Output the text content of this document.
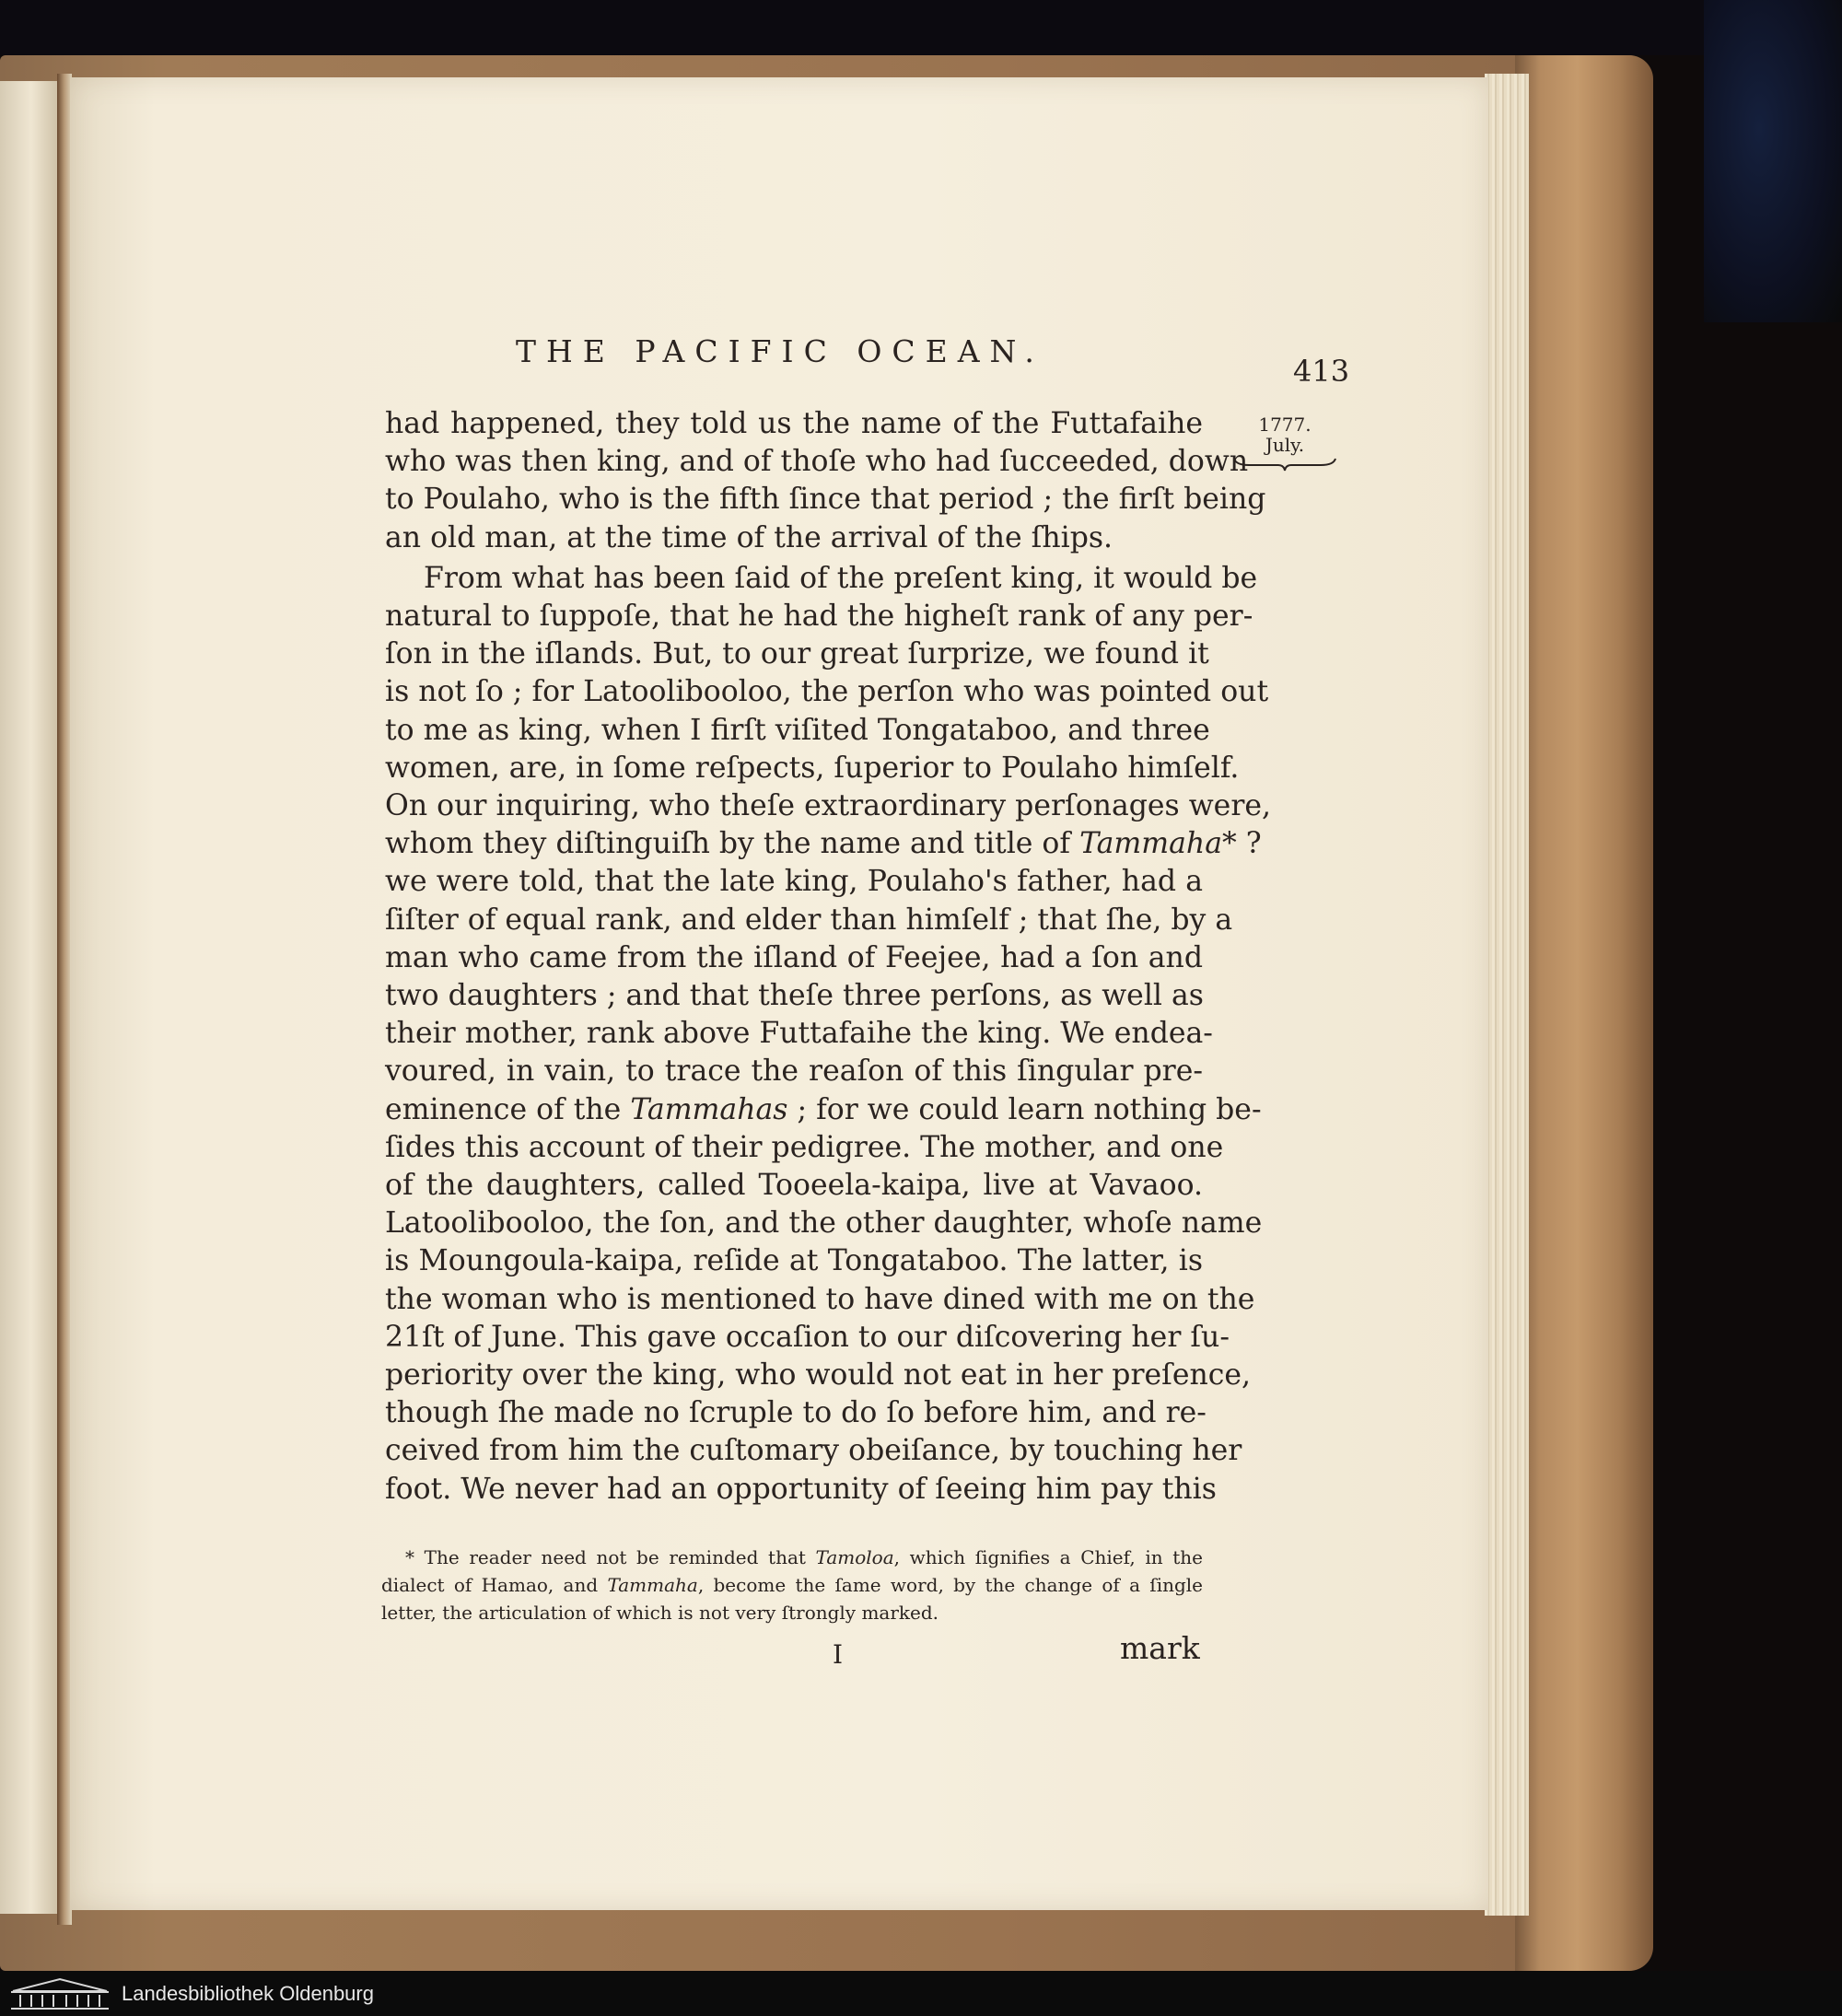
THE PACIFIC OCEAN.
413
1777.
July.
had happened, they told us the name of the Futtafaihe
who was then king, and of thoſe who had ſucceeded, down
to Poulaho, who is the fifth ſince that period ; the firſt being
an old man, at the time of the arrival of the ſhips.
From what has been ſaid of the preſent king, it would be
natural to ſuppoſe, that he had the higheſt rank of any per-
ſon in the iſlands. But, to our great ſurprize, we found it
is not ſo ; for Latoolibooloo, the perſon who was pointed out
to me as king, when I firſt viſited Tongataboo, and three
women, are, in ſome reſpects, ſuperior to Poulaho himſelf.
On our inquiring, who theſe extraordinary perſonages were,
whom they diſtinguiſh by the name and title of Tammaha* ?
we were told, that the late king, Poulaho's father, had a
ſiſter of equal rank, and elder than himſelf ; that ſhe, by a
man who came from the iſland of Feejee, had a ſon and
two daughters ; and that theſe three perſons, as well as
their mother, rank above Futtafaihe the king. We endea-
voured, in vain, to trace the reaſon of this ſingular pre-
eminence of the Tammahas ; for we could learn nothing be-
ſides this account of their pedigree. The mother, and one
of the daughters, called Tooeela-kaipa, live at Vavaoo.
Latoolibooloo, the ſon, and the other daughter, whoſe name
is Moungoula-kaipa, reſide at Tongataboo. The latter, is
the woman who is mentioned to have dined with me on the
21ſt of June. This gave occaſion to our diſcovering her ſu-
periority over the king, who would not eat in her preſence,
though ſhe made no ſcruple to do ſo before him, and re-
ceived from him the cuſtomary obeiſance, by touching her
foot. We never had an opportunity of ſeeing him pay this
* The reader need not be reminded that Tamoloa, which ſignifies a Chief, in the
dialect of Hamao, and Tammaha, become the ſame word, by the change of a ſingle
letter, the articulation of which is not very ſtrongly marked.
I	mark
Landesbibliothek Oldenburg
